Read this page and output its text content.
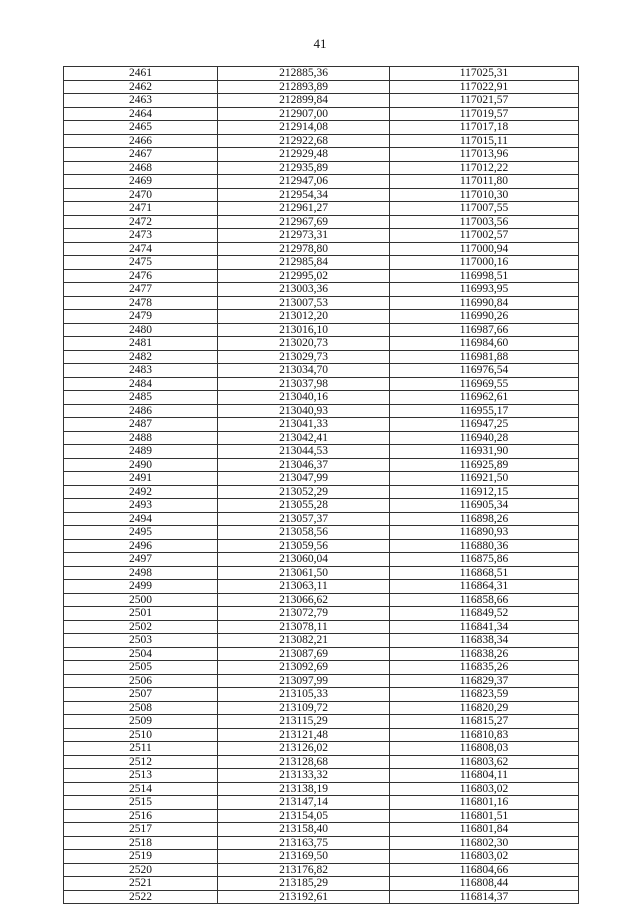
41
2461	212885,36	117025,31
2462	212893,89	117022,91
2463	212899,84	117021,57
2464	212907,00	117019,57
2465	212914,08	117017,18
2466	212922,68	117015,11
2467	212929,48	117013,96
2468	212935,89	117012,22
2469	212947,06	117011,80
2470	212954,34	117010,30
2471	212961,27	117007,55
2472	212967,69	117003,56
2473	212973,31	117002,57
2474	212978,80	117000,94
2475	212985,84	117000,16
2476	212995,02	116998,51
2477	213003,36	116993,95
2478	213007,53	116990,84
2479	213012,20	116990,26
2480	213016,10	116987,66
2481	213020,73	116984,60
2482	213029,73	116981,88
2483	213034,70	116976,54
2484	213037,98	116969,55
2485	213040,16	116962,61
2486	213040,93	116955,17
2487	213041,33	116947,25
2488	213042,41	116940,28
2489	213044,53	116931,90
2490	213046,37	116925,89
2491	213047,99	116921,50
2492	213052,29	116912,15
2493	213055,28	116905,34
2494	213057,37	116898,26
2495	213058,56	116890,93
2496	213059,56	116880,36
2497	213060,04	116875,86
2498	213061,50	116868,51
2499	213063,11	116864,31
2500	213066,62	116858,66
2501	213072,79	116849,52
2502	213078,11	116841,34
2503	213082,21	116838,34
2504	213087,69	116838,26
2505	213092,69	116835,26
2506	213097,99	116829,37
2507	213105,33	116823,59
2508	213109,72	116820,29
2509	213115,29	116815,27
2510	213121,48	116810,83
2511	213126,02	116808,03
2512	213128,68	116803,62
2513	213133,32	116804,11
2514	213138,19	116803,02
2515	213147,14	116801,16
2516	213154,05	116801,51
2517	213158,40	116801,84
2518	213163,75	116802,30
2519	213169,50	116803,02
2520	213176,82	116804,66
2521	213185,29	116808,44
2522	213192,61	116814,37
